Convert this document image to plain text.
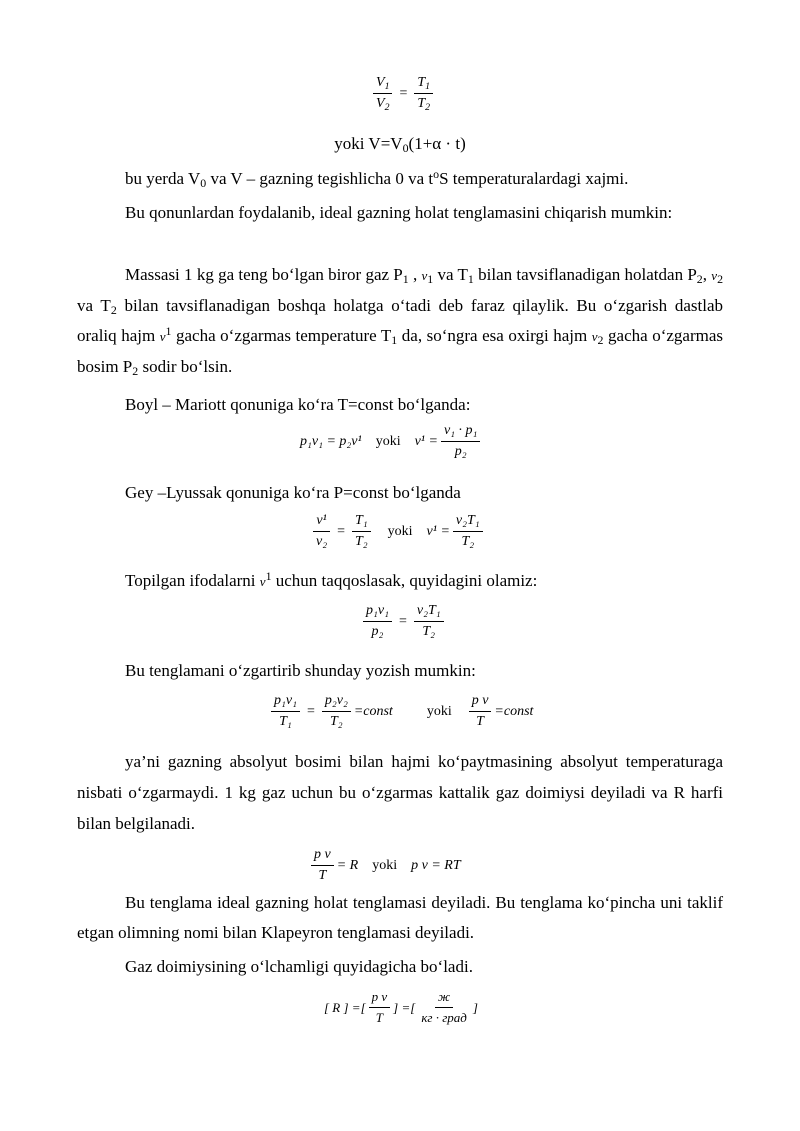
$\frac{V_1}{V_2} = \frac{T_1}{T_2}$
yoki $V=V_0(1+\alpha \cdot t)$
bu yerda $V_0$ va V – gazning tegishlicha 0 va $t^oS$ temperaturalardagi xajmi.
Bu qonunlardan foydalanib, ideal gazning holat tenglamasini chiqarish mumkin:
Massasi 1 kg ga teng bo‘lgan biror gaz $P_1$ , $v_1$ va $T_1$ bilan tavsiflanadigan holatdan $P_2$, $v_2$ va $T_2$ bilan tavsiflanadigan boshqa holatga o‘tadi deb faraz qilaylik. Bu o‘zgarish dastlab oraliq hajm $v^1$ gacha o‘zgarmas temperature $T_1$ da, so‘ngra esa oxirgi hajm $v_2$ gacha o‘zgarmas bosim $P_2$ sodir bo‘lsin.
Boyl – Mariott qonuniga ko‘ra T=const bo‘lganda:
p₁v₁ = p₂v¹ yoki $v^1 = \frac{\text{v₁ · p₁}}{\text{p₂}}$
Gey –Lyussak qonuniga ko‘ra P=const bo‘lganda
$\frac{\text{v¹}}{\text{v₂}} = \frac{\text{T₁}}{\text{T₂}}$ yoki $v^1 = \frac{\text{v₂T₁}}{\text{T₂}}$
Topilgan ifodalarni $v^1$ uchun taqqoslasak, quyidagini olamiz:
$\frac{\text{p₁v₁}}{\text{p₂}} = \frac{\text{v₂T₁}}{\text{T₂}}$
Bu tenglamani o‘zgartirib shunday yozish mumkin:
$\frac{\text{p₁v₁}}{\text{T₁}} = \frac{\text{p₂v₂}}{\text{T₂}}$ =const yoki $\frac{\text{p v}}{T}$ =const
ya’ni gazning absolyut bosimi bilan hajmi ko‘paytmasining absolyut temperaturaga nisbati o‘zgarmaydi. 1 kg gaz uchun bu o‘zgarmas kattalik gaz doimiysi deyiladi va R harfi bilan belgilanadi.
$\frac{\text{p v}}{T} = R$ yoki p v = RT
Bu tenglama ideal gazning holat tenglamasi deyiladi. Bu tenglama ko‘pincha uni taklif etgan olimning nomi bilan Klapeyron tenglamasi deyiladi.
Gaz doimiysining o‘lchamligi quyidagicha bo‘ladi.
[ R ] =[ $\frac{\text{p v}}{T}$ ] =[ $\frac{ж}{\text{кг · град}}$ ]
